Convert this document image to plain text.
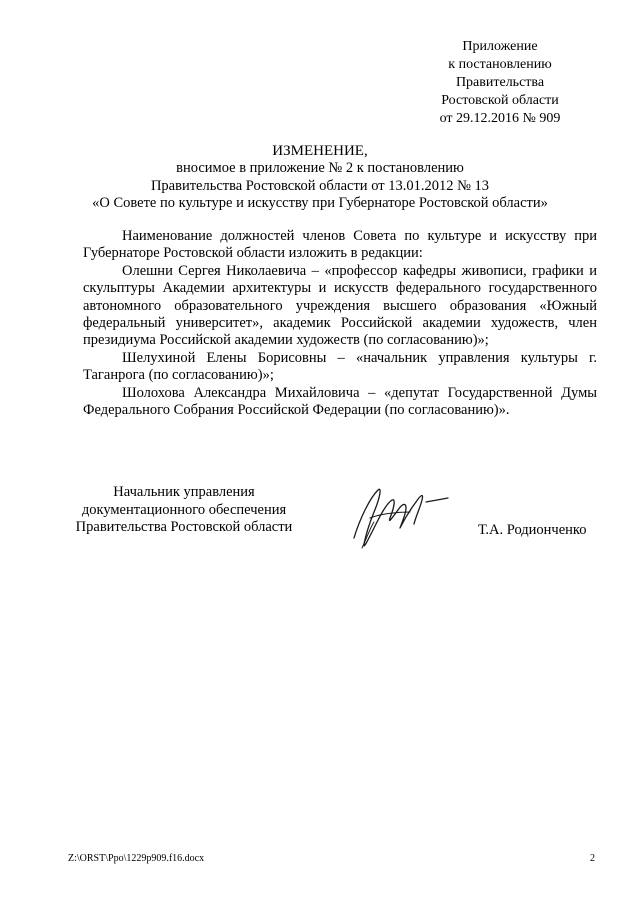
Приложение
к постановлению
Правительства
Ростовской области
от 29.12.2016 № 909
ИЗМЕНЕНИЕ,
вносимое в приложение № 2 к постановлению
Правительства Ростовской области от 13.01.2012 № 13
«О Совете по культуре и искусству при Губернаторе Ростовской области»

Наименование должностей членов Совета по культуре и искусству при Губернаторе Ростовской области изложить в редакции:

Олешни Сергея Николаевича – «профессор кафедры живописи, графики и скульптуры Академии архитектуры и искусств федерального государственного автономного образовательного учреждения высшего образования «Южный федеральный университет», академик Российской академии художеств, член президиума Российской академии художеств (по согласованию)»;

Шелухиной Елены Борисовны – «начальник управления культуры г. Таганрога (по согласованию)»;

Шолохова Александра Михайловича – «депутат Государственной Думы Федерального Собрания Российской Федерации (по согласованию)».

Начальник управления
документационного обеспечения
Правительства Ростовской области	Т.А. Родионченко
Z:\ORST\Ppo\1229p909.f16.docx	2
